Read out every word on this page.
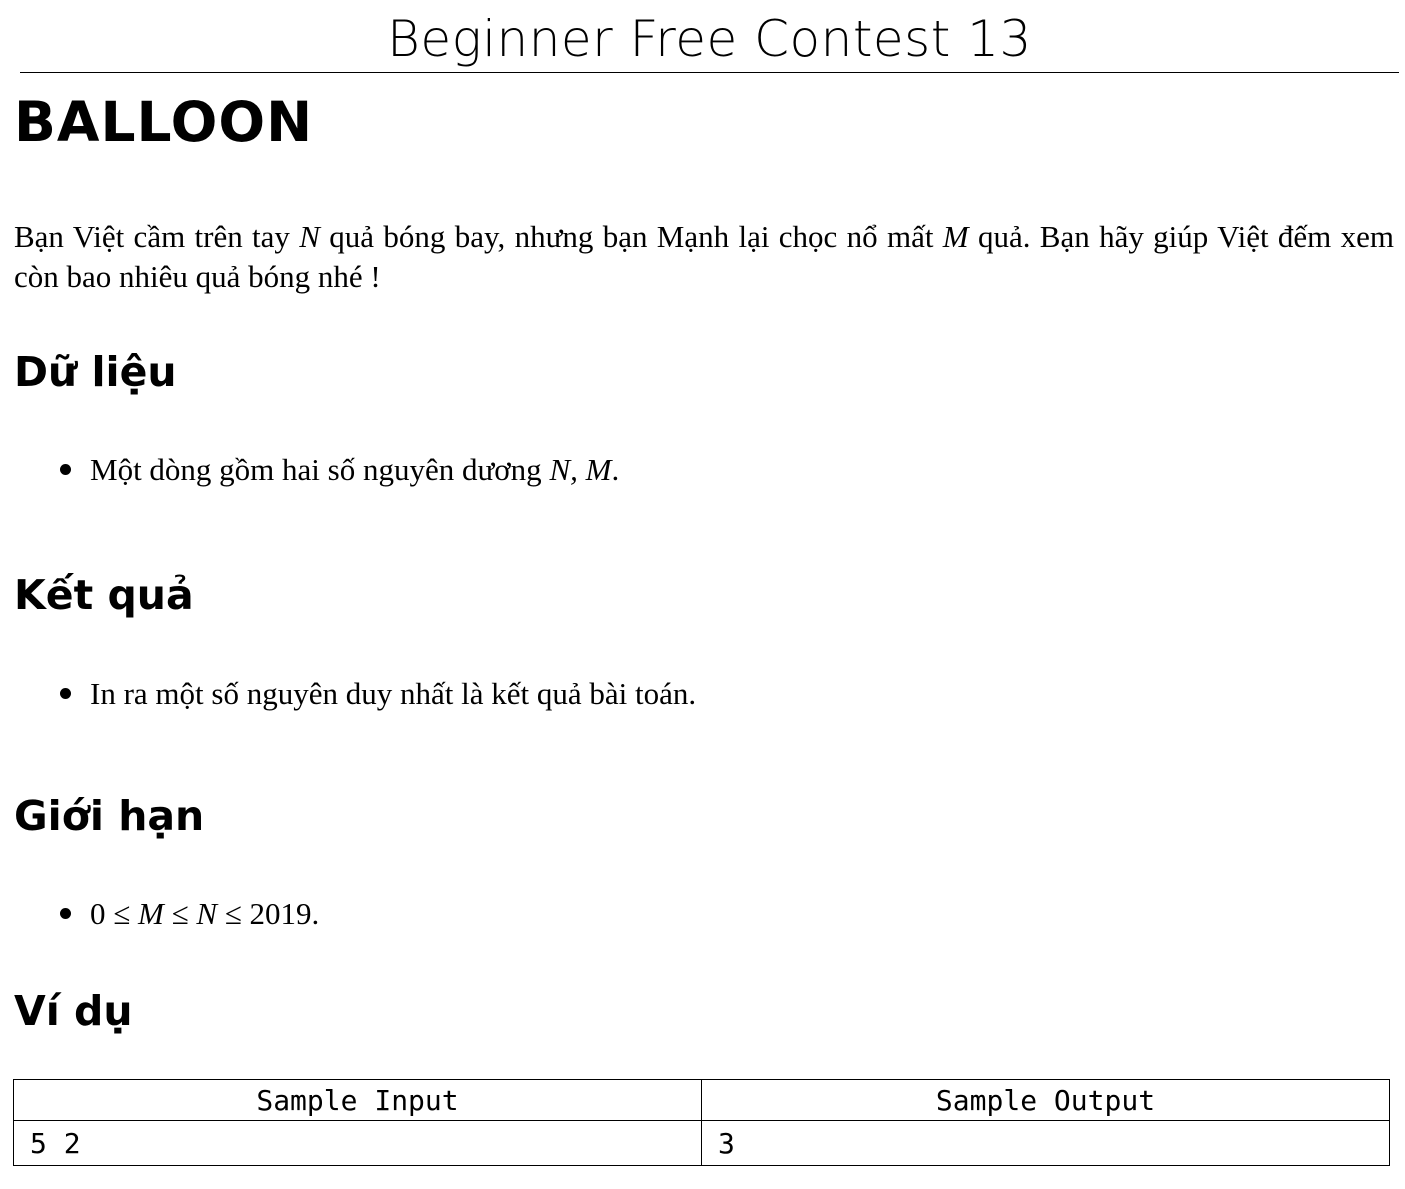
Beginner Free Contest 13
BALLOON
Bạn Việt cầm trên tay N quả bóng bay, nhưng bạn Mạnh lại chọc nổ mất M quả. Bạn hãy giúp Việt đếm xem còn bao nhiêu quả bóng nhé !
Dữ liệu
Một dòng gồm hai số nguyên dương N, M.
Kết quả
In ra một số nguyên duy nhất là kết quả bài toán.
Giới hạn
0 ≤ M ≤ N ≤ 2019.
Ví dụ
Sample Input	Sample Output
5 2	3
